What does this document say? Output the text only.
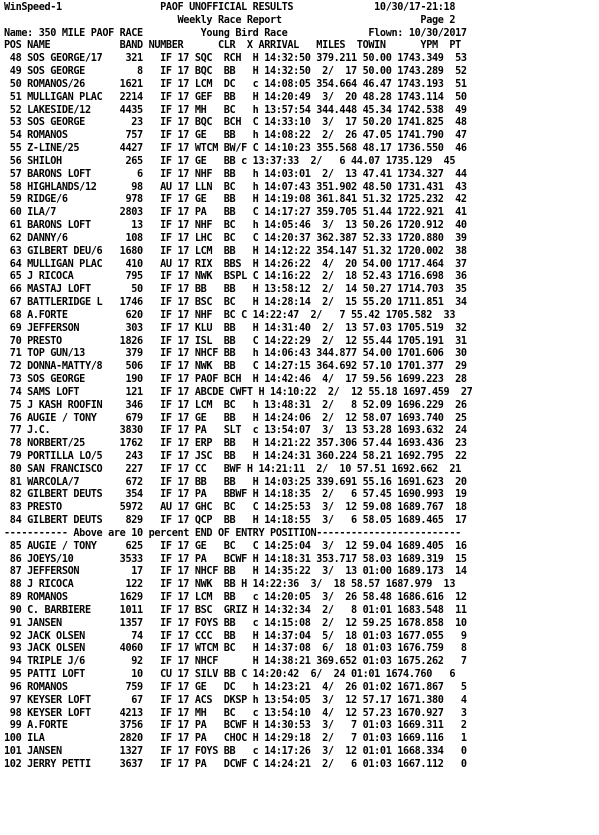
WinSpeed-1                 PAOF UNOFFICIAL RESULTS              10/30/17-21:18
Weekly Race Report                        Page 2
Name: 350 MILE PAOF RACE          Young Bird Race              Flown: 10/30/2017
POS NAME            BAND NUMBER      CLR  X ARRIVAL   MILES  TOWIN      YPM  PT
48 SOS GEORGE/17    321   IF 17 SQC  RCH  H 14:32:50 379.211 50.00 1743.349  53
49 SOS GEORGE         8   IF 17 BQC  BB   H 14:32:50  2/  17 50.00 1743.289  52
50 ROMANOS/26      1621   IF 17 LCM  DC   c 14:08:05 354.664 46.47 1743.193  51
51 MULLIGAN PLAC   2214   IF 17 GEF  BB   H 14:20:49  3/  20 48.28 1743.114  50
52 LAKESIDE/12     4435   IF 17 MH   BC   h 13:57:54 344.448 45.34 1742.538  49
53 SOS GEORGE        23   IF 17 BQC  BCH  C 14:33:10  3/  17 50.20 1741.825  48
54 ROMANOS          757   IF 17 GE   BB   h 14:08:22  2/  26 47.05 1741.790  47
55 Z-LINE/25       4427   IF 17 WTCM BW/F C 14:10:23 355.568 48.17 1736.550  46
56 SHILOH           265   IF 17 GE   BB c 13:37:33  2/   6 44.07 1735.129  45
57 BARONS LOFT        6   IF 17 NHF  BB   h 14:03:01  2/  13 47.41 1734.327  44
58 HIGHLANDS/12      98   AU 17 LLN  BC   h 14:07:43 351.902 48.50 1731.431  43
59 RIDGE/6          978   IF 17 GE   BB   H 14:19:08 361.841 51.32 1725.232  42
60 ILA/7           2803   IF 17 PA   BB   C 14:17:27 359.705 51.44 1722.921  41
61 BARONS LOFT       13   IF 17 NHF  BC   h 14:05:46  3/  13 50.26 1720.912  40
62 DANNY/6          108   IF 17 LHC  BC   C 14:20:37 362.387 52.33 1720.880  39
63 GILBERT DEU/6   1680   IF 17 LCM  BB   H 14:12:22 354.147 51.32 1720.002  38
64 MULLIGAN PLAC    410   AU 17 RIX  BBS  H 14:26:22  4/  20 54.00 1717.464  37
65 J RICOCA         795   IF 17 NWK  BSPL C 14:16:22  2/  18 52.43 1716.698  36
66 MASTAJ LOFT       50   IF 17 BB   BB   H 13:58:12  2/  14 50.27 1714.703  35
67 BATTLERIDGE L   1746   IF 17 BSC  BC   H 14:28:14  2/  15 55.20 1711.851  34
68 A.FORTE          620   IF 17 NHF  BC C 14:22:47  2/   7 55.42 1705.582  33
69 JEFFERSON        303   IF 17 KLU  BB   H 14:31:40  2/  13 57.03 1705.519  32
70 PRESTO          1826   IF 17 ISL  BB   C 14:22:29  2/  12 55.44 1705.191  31
71 TOP GUN/13       379   IF 17 NHCF BB   h 14:06:43 344.877 54.00 1701.606  30
72 DONNA-MATTY/8    506   IF 17 NWK  BB   C 14:27:15 364.692 57.10 1701.377  29
73 SOS GEORGE       190   IF 17 PAOF BCH  H 14:42:46  4/  17 59.56 1699.223  28
74 SAMS LOFT        121   IF 17 ABCDE CWFT H 14:10:22  2/  12 55.18 1697.459  27
75 J KASH ROOFIN    346   IF 17 LCM  BC   h 13:48:31  2/   8 52.09 1696.229  26
76 AUGIE / TONY     679   IF 17 GE   BB   H 14:24:06  2/  12 58.07 1693.740  25
77 J.C.            3830   IF 17 PA   SLT  c 13:54:07  3/  13 53.28 1693.632  24
78 NORBERT/25      1762   IF 17 ERP  BB   H 14:21:22 357.306 57.44 1693.436  23
79 PORTILLA LO/5    243   IF 17 JSC  BB   H 14:24:31 360.224 58.21 1692.795  22
80 SAN FRANCISCO    227   IF 17 CC   BWF H 14:21:11  2/  10 57.51 1692.662  21
81 WARCOLA/7        672   IF 17 BB   BB   H 14:03:25 339.691 55.16 1691.623  20
82 GILBERT DEUTS    354   IF 17 PA   BBWF H 14:18:35  2/   6 57.45 1690.993  19
83 PRESTO          5972   AU 17 GHC  BC   C 14:25:53  3/  12 59.08 1689.767  18
84 GILBERT DEUTS    829   IF 17 QCP  BB   H 14:18:55  3/   6 58.05 1689.465  17
----------- Above are 10 percent END OF ENTRY POSITION-------------------------
85 AUGIE / TONY     625   IF 17 GE   BC   C 14:25:04  3/  12 59.04 1689.405  16
86 JOEYS/10        3533   IF 17 PA   BCWF H 14:18:31 353.717 58.03 1689.319  15
87 JEFFERSON         17   IF 17 NHCF BB   H 14:35:22  3/  13 01:00 1689.173  14
88 J RICOCA         122   IF 17 NWK  BB H 14:22:36  3/  18 58.57 1687.979  13
89 ROMANOS         1629   IF 17 LCM  BB   c 14:20:05  3/  26 58.48 1686.616  12
90 C. BARBIERE     1011   IF 17 BSC  GRIZ H 14:32:34  2/   8 01:01 1683.548  11
91 JANSEN          1357   IF 17 FOYS BB   c 14:15:08  2/  12 59.25 1678.858  10
92 JACK OLSEN        74   IF 17 CCC  BB   H 14:37:04  5/  18 01:03 1677.055   9
93 JACK OLSEN      4060   IF 17 WTCM BC   H 14:37:08  6/  18 01:03 1676.759   8
94 TRIPLE J/6        92   IF 17 NHCF      H 14:38:21 369.652 01:03 1675.262   7
95 PATTI LOFT        10   CU 17 SILV BB C 14:20:42  6/  24 01:01 1674.760   6
96 ROMANOS          759   IF 17 GE   DC   h 14:23:21  4/  26 01:02 1671.867   5
97 KEYSER LOFT       67   IF 17 ACS  DKSP h 13:54:05  3/  12 57.17 1671.380   4
98 KEYSER LOFT     4213   IF 17 MH   BC   c 13:54:10  4/  12 57.23 1670.927   3
99 A.FORTE         3756   IF 17 PA   BCWF H 14:30:53  3/   7 01:03 1669.311   2
100 ILA             2820   IF 17 PA   CHOC H 14:29:18  2/   7 01:03 1669.116   1
101 JANSEN          1327   IF 17 FOYS BB   c 14:17:26  3/  12 01:01 1668.334   0
102 JERRY PETTI     3637   IF 17 PA   DCWF C 14:24:21  2/   6 01:03 1667.112   0
